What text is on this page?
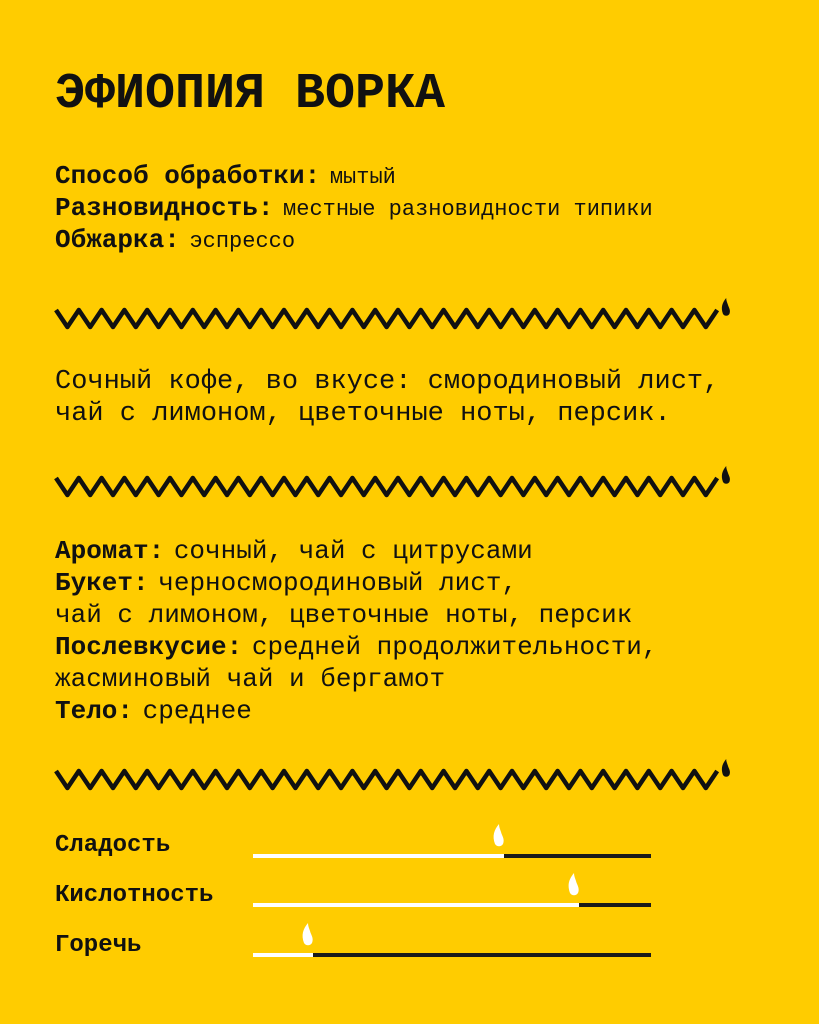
ЭФИОПИЯ ВОРКА
Способ обработки: мытый
Разновидность: местные разновидности типики
Обжарка: эспрессо
Сочный кофе, во вкусе: смородиновый лист,
чай с лимоном, цветочные ноты, персик.
Аромат: сочный, чай с цитрусами
Букет: черносмородиновый лист,
чай с лимоном, цветочные ноты, персик
Послевкусие: средней продолжительности,
жасминовый чай и бергамот
Тело: среднее
Сладость
Кислотность
Горечь
